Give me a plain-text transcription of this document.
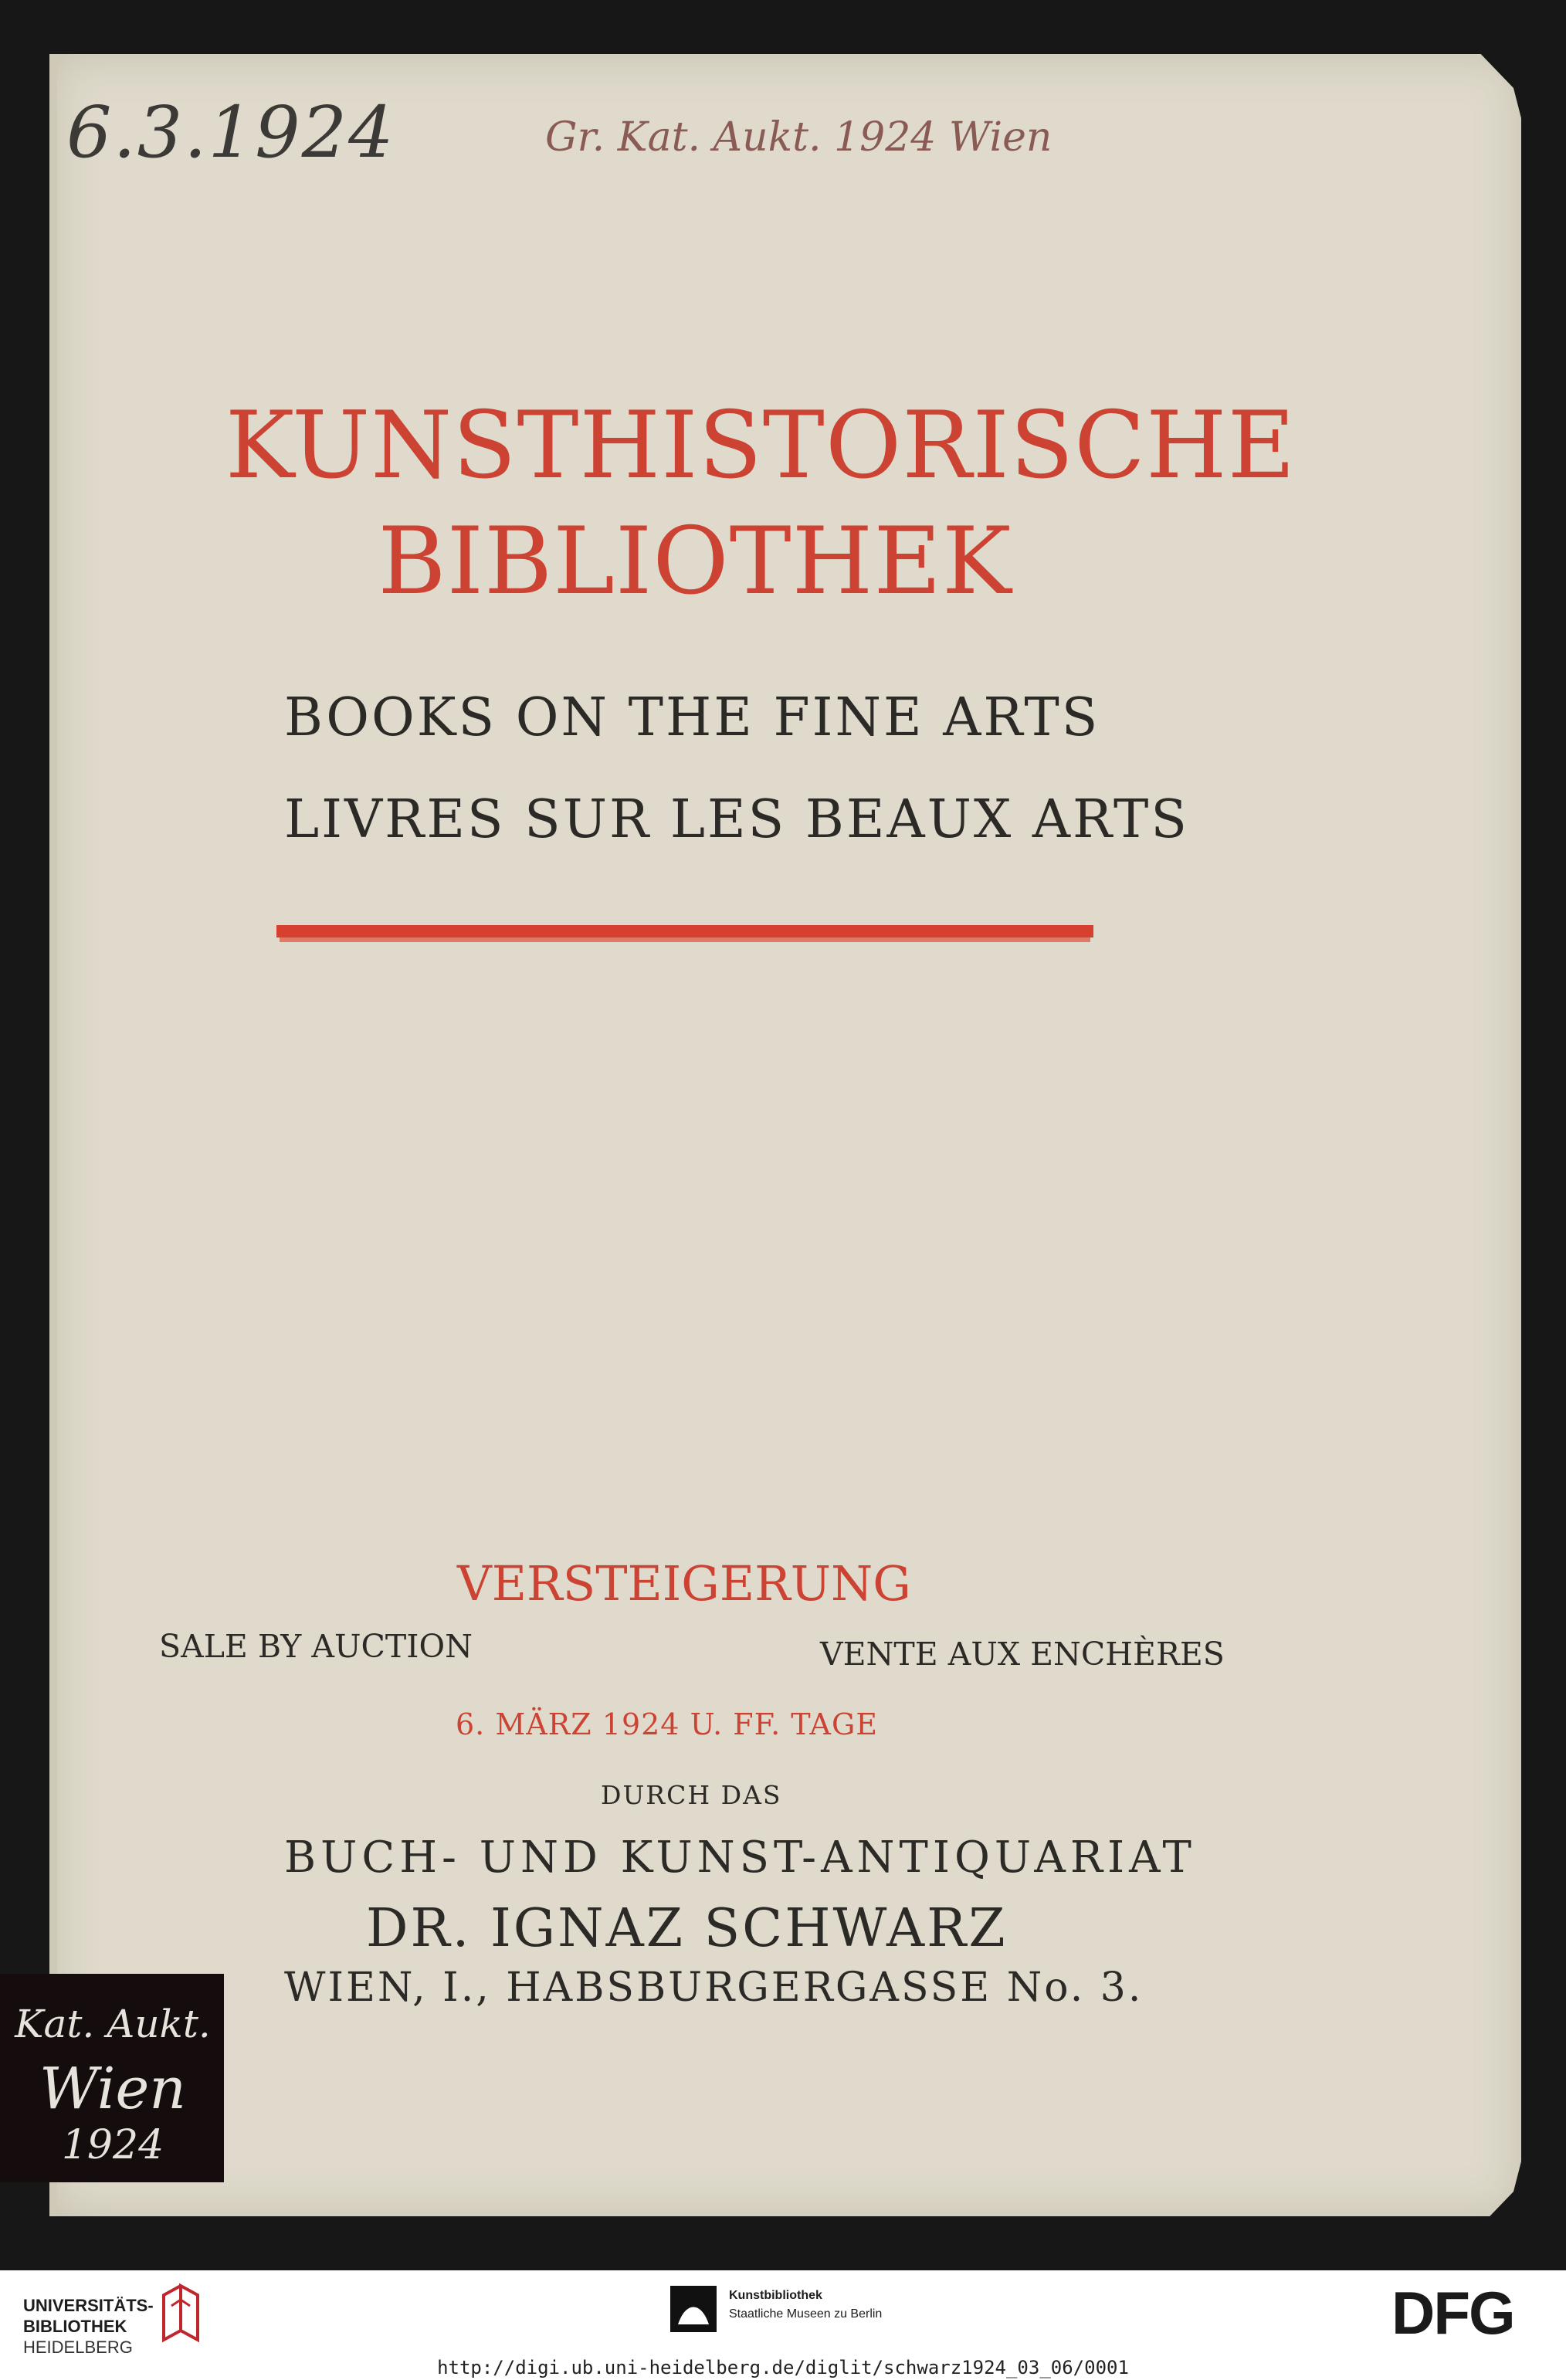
6.3.1924	Gr. Kat. Aukt. 1924 Wien
KUNSTHISTORISCHE
BIBLIOTHEK
BOOKS ON THE FINE ARTS
LIVRES SUR LES BEAUX ARTS
VERSTEIGERUNG
SALE BY AUCTION	VENTE AUX ENCHÈRES
6. MÄRZ 1924 U. FF. TAGE
DURCH DAS
BUCH- UND KUNST-ANTIQUARIAT
DR. IGNAZ SCHWARZ
WIEN, I., HABSBURGERGASSE No. 3.
Kat. Aukt.
Wien
1924
UNIVERSITÄTS-
BIBLIOTHEK
HEIDELBERG
Kunstbibliothek
Staatliche Museen zu Berlin	DFG
http://digi.ub.uni-heidelberg.de/diglit/schwarz1924_03_06/0001
